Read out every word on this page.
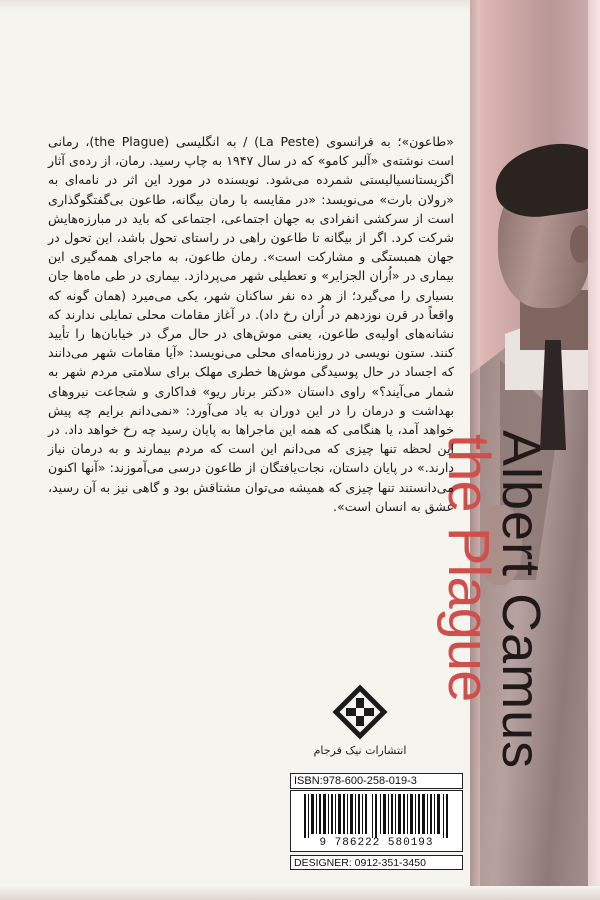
the Plague
Albert Camus

«طاعون»؛ به فرانسوی (La Peste) / به انگلیسی (the Plague)، رمانی است نوشته‌ی «آلبر کامو» که در سال ۱۹۴۷ به چاپ رسید. رمان، از رده‌ی آثار اگزیستانسیالیستی شمرده می‌شود. نویسنده در مورد این اثر در نامه‌ای به «رولان بارت» می‌نویسد: «در مقایسه با رمان بیگانه، طاعون بی‌گفتگوگذاری است از سرکشی انفرادی به جهان اجتماعی، اجتماعی که باید در مبارزه‌هایش شرکت کرد. اگر از بیگانه تا طاعون راهی در راستای تحول باشد، این تحول در جهان همبستگی و مشارکت است». رمان طاعون، به ماجرای همه‌گیری این بیماری در «اُران الجزایر» و تعطیلی شهر می‌پردازد. بیماری در طی ماه‌ها جان بسیاری را می‌گیرد؛ از هر ده نفر ساکنان شهر، یکی می‌میرد (همان گونه که واقعاً در قرن نوزدهم در اُران رخ داد). در آغاز مقامات محلی تمایلی ندارند که نشانه‌های اولیه‌ی طاعون، یعنی موش‌های در حال مرگ در خیابان‌ها را تأیید کنند. ستون نویسی در روزنامه‌ای محلی می‌نویسد: «آیا مقامات شهر می‌دانند که اجساد در حال پوسیدگی موش‌ها خطری مهلک برای سلامتی مردم شهر به شمار می‌آیند؟» راوی داستان «دکتر برنار ریو» فداکاری و شجاعت نیروهای بهداشت و درمان را در این دوران به یاد می‌آورد: «نمی‌دانم برایم چه پیش خواهد آمد، یا هنگامی که همه این ماجراها به پایان رسید چه رخ خواهد داد. در این لحظه تنها چیزی که می‌دانم این است که مردم بیمارند و به درمان نیاز دارند.» در پایان داستان، نجات‌یافتگان از طاعون درسی می‌آموزند: «آنها اکنون می‌دانستند تنها چیزی که همیشه می‌توان مشتاقش بود و گاهی نیز به آن رسید، عشق به انسان است».

انتشارات نیک فرجام
ISBN:978-600-258-019-3
9 786222 580193
DESIGNER: 0912-351-3450
